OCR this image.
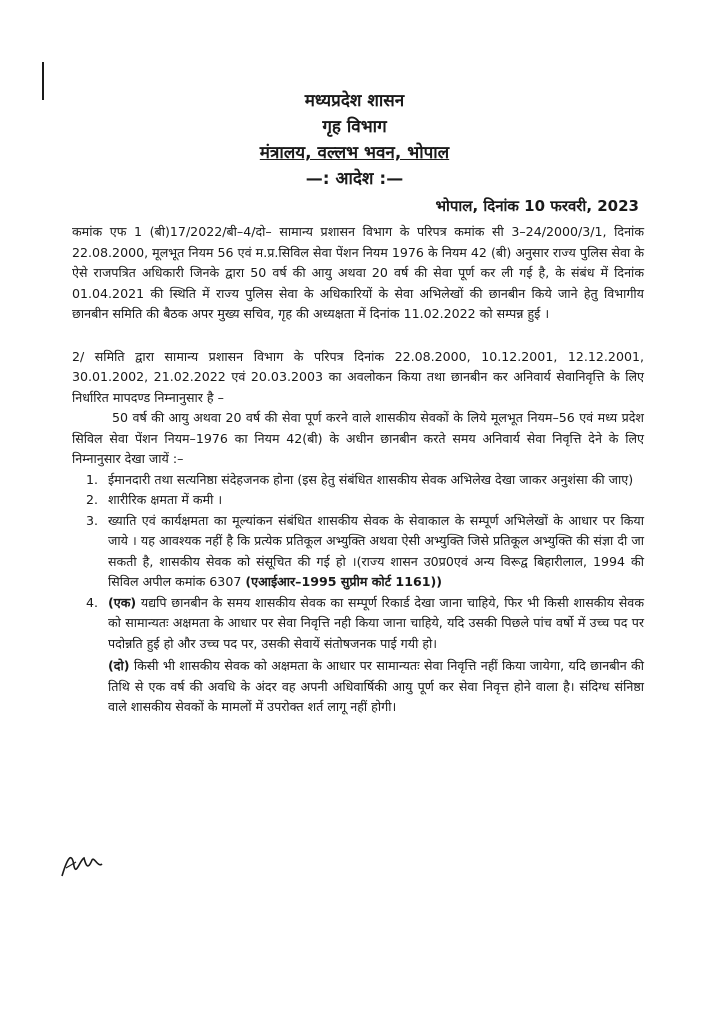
मध्यप्रदेश शासन
गृह विभाग
मंत्रालय, वल्लभ भवन, भोपाल
—: आदेश :—
भोपाल, दिनांक 10 फरवरी, 2023

कमांक एफ 1 (बी)17/2022/बी–4/दो– सामान्य प्रशासन विभाग के परिपत्र कमांक सी 3–24/2000/3/1, दिनांक 22.08.2000, मूलभूत नियम 56 एवं म.प्र.सिविल सेवा पेंशन नियम 1976 के नियम 42 (बी) अनुसार राज्य पुलिस सेवा के ऐसे राजपत्रित अधिकारी जिनके द्वारा 50 वर्ष की आयु अथवा 20 वर्ष की सेवा पूर्ण कर ली गई है, के संबंध में दिनांक 01.04.2021 की स्थिति में राज्य पुलिस सेवा के अधिकारियों के सेवा अभिलेखों की छानबीन किये जाने हेतु विभागीय छानबीन समिति की बैठक अपर मुख्य सचिव, गृह की अध्यक्षता में दिनांक 11.02.2022 को सम्पन्न हुई ।

2/ समिति द्वारा सामान्य प्रशासन विभाग के परिपत्र दिनांक 22.08.2000, 10.12.2001, 12.12.2001, 30.01.2002, 21.02.2022 एवं 20.03.2003 का अवलोकन किया तथा छानबीन कर अनिवार्य सेवानिवृत्ति के लिए निर्धारित मापदण्ड निम्नानुसार है –

50 वर्ष की आयु अथवा 20 वर्ष की सेवा पूर्ण करने वाले शासकीय सेवकों के लिये मूलभूत नियम–56 एवं मध्य प्रदेश सिविल सेवा पेंशन नियम–1976 का नियम 42(बी) के अधीन छानबीन करते समय अनिवार्य सेवा निवृत्ति देने के लिए निम्नानुसार देखा जायें :–

1. ईमानदारी तथा सत्यनिष्ठा संदेहजनक होना (इस हेतु संबंधित शासकीय सेवक अभिलेख देखा जाकर अनुशंसा की जाए)
2. शारीरिक क्षमता में कमी ।
3. ख्याति एवं कार्यक्षमता का मूल्यांकन संबंधित शासकीय सेवक के सेवाकाल के सम्पूर्ण अभिलेखों के आधार पर किया जाये । यह आवश्यक नहीं है कि प्रत्येक प्रतिकूल अभ्युक्ति अथवा ऐसी अभ्युक्ति जिसे प्रतिकूल अभ्युक्ति की संज्ञा दी जा सकती है, शासकीय सेवक को संसूचित की गई हो ।(राज्य शासन उ0प्र0एवं अन्य विरूद्व बिहारीलाल, 1994 की सिविल अपील कमांक 6307 (एआईआर–1995 सुप्रीम कोर्ट 1161))
4. (एक) यद्यपि छानबीन के समय शासकीय सेवक का सम्पूर्ण रिकार्ड देखा जाना चाहिये, फिर भी किसी शासकीय सेवक को सामान्यतः अक्षमता के आधार पर सेवा निवृत्ति नही किया जाना चाहिये, यदि उसकी पिछले पांच वर्षो में उच्च पद पर पदोन्नति हुई हो और उच्च पद पर, उसकी सेवायें संतोषजनक पाई गयी हो।
(दो) किसी भी शासकीय सेवक को अक्षमता के आधार पर सामान्यतः सेवा निवृत्ति नहीं किया जायेगा, यदि छानबीन की तिथि से एक वर्ष की अवधि के अंदर वह अपनी अधिवार्षिकी आयु पूर्ण कर सेवा निवृत्त होने वाला है। संदिग्ध संनिष्ठा वाले शासकीय सेवकों के मामलों में उपरोक्त शर्त लागू नहीं होगी।
